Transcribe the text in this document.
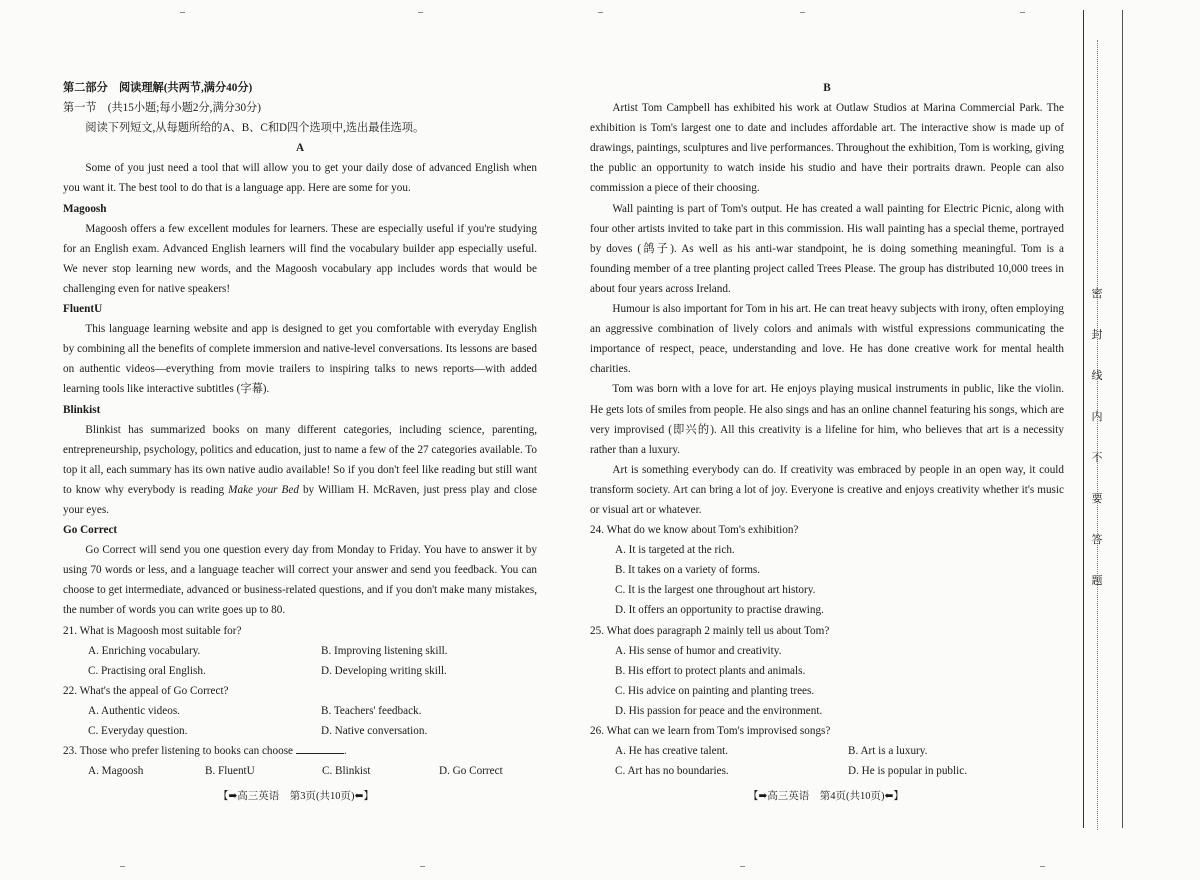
第二部分　阅读理解(共两节,满分40分)

第一节　(共15小题;每小题2分,满分30分)

阅读下列短文,从每题所给的A、B、C和D四个选项中,选出最佳选项。

A

Some of you just need a tool that will allow you to get your daily dose of advanced English when you want it. The best tool to do that is a language app. Here are some for you.

Magoosh

Magoosh offers a few excellent modules for learners. These are especially useful if you're studying for an English exam. Advanced English learners will find the vocabulary builder app especially useful. We never stop learning new words, and the Magoosh vocabulary app includes words that would be challenging even for native speakers!

FluentU

This language learning website and app is designed to get you comfortable with everyday English by combining all the benefits of complete immersion and native-level conversations. Its lessons are based on authentic videos—everything from movie trailers to inspiring talks to news reports—with added learning tools like interactive subtitles (字幕).

Blinkist

Blinkist has summarized books on many different categories, including science, parenting, entrepreneurship, psychology, politics and education, just to name a few of the 27 categories available. To top it all, each summary has its own native audio available! So if you don't feel like reading but still want to know why everybody is reading Make your Bed by William H. McRaven, just press play and close your eyes.

Go Correct

Go Correct will send you one question every day from Monday to Friday. You have to answer it by using 70 words or less, and a language teacher will correct your answer and send you feedback. You can choose to get intermediate, advanced or business-related questions, and if you don't make many mistakes, the number of words you can write goes up to 80.

21. What is Magoosh most suitable for?

A. Enriching vocabulary.	B. Improving listening skill.
C. Practising oral English.	D. Developing writing skill.

22. What's the appeal of Go Correct?

A. Authentic videos.	B. Teachers' feedback.
C. Everyday question.	D. Native conversation.

23. Those who prefer listening to books can choose	.

A. Magoosh	B. FluentU	C. Blinkist	D. Go Correct
【➡高三英语　第3页(共10页)⬅】

B

Artist Tom Campbell has exhibited his work at Outlaw Studios at Marina Commercial Park. The exhibition is Tom's largest one to date and includes affordable art. The interactive show is made up of drawings, paintings, sculptures and live performances. Throughout the exhibition, Tom is working, giving the public an opportunity to watch inside his studio and have their portraits drawn. People can also commission a piece of their choosing.

Wall painting is part of Tom's output. He has created a wall painting for Electric Picnic, along with four other artists invited to take part in this commission. His wall painting has a special theme, portrayed by doves (鸽子). As well as his anti-war standpoint, he is doing something meaningful. Tom is a founding member of a tree planting project called Trees Please. The group has distributed 10,000 trees in about four years across Ireland.

Humour is also important for Tom in his art. He can treat heavy subjects with irony, often employing an aggressive combination of lively colors and animals with wistful expressions communicating the importance of respect, peace, understanding and love. He has done creative work for mental health charities.

Tom was born with a love for art. He enjoys playing musical instruments in public, like the violin. He gets lots of smiles from people. He also sings and has an online channel featuring his songs, which are very improvised (即兴的). All this creativity is a lifeline for him, who believes that art is a necessity rather than a luxury.

Art is something everybody can do. If creativity was embraced by people in an open way, it could transform society. Art can bring a lot of joy. Everyone is creative and enjoys creativity whether it's music or visual art or whatever.

24. What do we know about Tom's exhibition?

A. It is targeted at the rich.

B. It takes on a variety of forms.

C. It is the largest one throughout art history.

D. It offers an opportunity to practise drawing.

25. What does paragraph 2 mainly tell us about Tom?

A. His sense of humor and creativity.

B. His effort to protect plants and animals.

C. His advice on painting and planting trees.

D. His passion for peace and the environment.

26. What can we learn from Tom's improvised songs?

A. He has creative talent.	B. Art is a luxury.
C. Art has no boundaries.	D. He is popular in public.
【➡高三英语　第4页(共10页)⬅】
密
封
线
内
不
要
答
题
